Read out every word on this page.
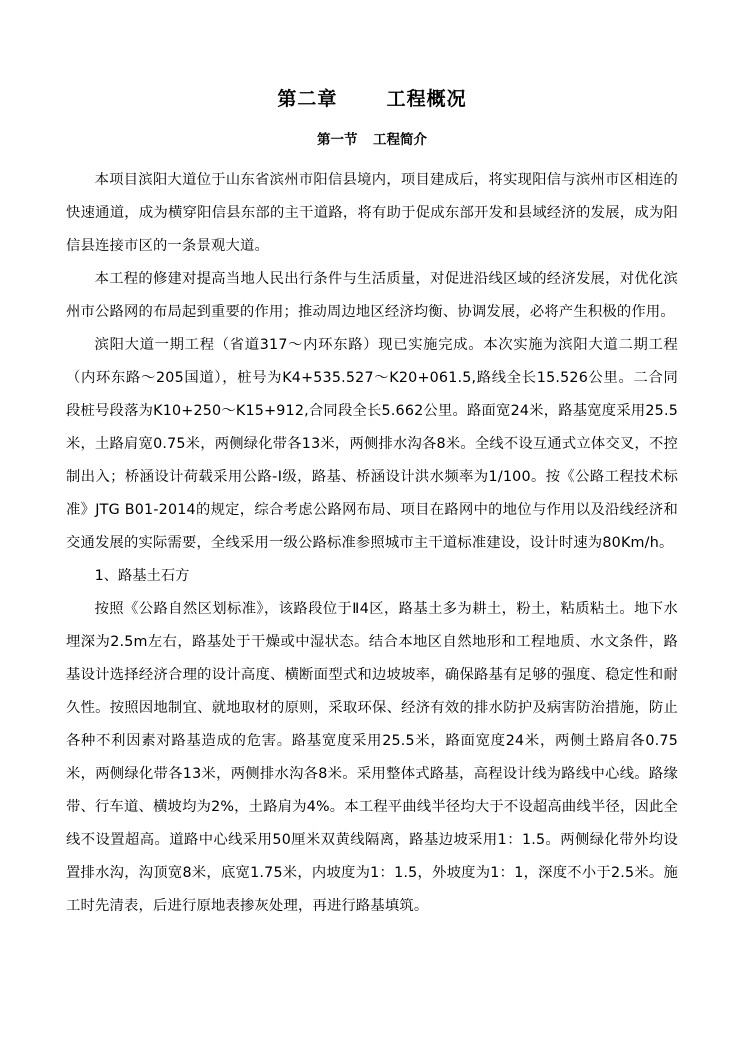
第二章	工程概况
第一节 工程简介

本项目滨阳大道位于山东省滨州市阳信县境内，项目建成后，将实现阳信与滨州市区相连的快速通道，成为横穿阳信县东部的主干道路，将有助于促成东部开发和县域经济的发展，成为阳信县连接市区的一条景观大道。

本工程的修建对提高当地人民出行条件与生活质量，对促进沿线区域的经济发展，对优化滨州市公路网的布局起到重要的作用；推动周边地区经济均衡、协调发展，必将产生积极的作用。

滨阳大道一期工程（省道317～内环东路）现已实施完成。本次实施为滨阳大道二期工程（内环东路～205国道），桩号为K4+535.527～K20+061.5,路线全长15.526公里。二合同段桩号段落为K10+250～K15+912,合同段全长5.662公里。路面宽24米，路基宽度采用25.5米，土路肩宽0.75米，两侧绿化带各13米，两侧排水沟各8米。全线不设互通式立体交叉，不控制出入；桥涵设计荷载采用公路-Ⅰ级，路基、桥涵设计洪水频率为1/100。按《公路工程技术标准》JTG B01-2014的规定，综合考虑公路网布局、项目在路网中的地位与作用以及沿线经济和交通发展的实际需要，全线采用一级公路标准参照城市主干道标准建设，设计时速为80Km/h。

1、路基土石方

按照《公路自然区划标准》，该路段位于Ⅱ4区，路基土多为耕土，粉土，粘质粘土。地下水埋深为2.5m左右，路基处于干燥或中湿状态。结合本地区自然地形和工程地质、水文条件，路基设计选择经济合理的设计高度、横断面型式和边坡坡率，确保路基有足够的强度、稳定性和耐久性。按照因地制宜、就地取材的原则，采取环保、经济有效的排水防护及病害防治措施，防止各种不利因素对路基造成的危害。路基宽度采用25.5米，路面宽度24米，两侧土路肩各0.75米，两侧绿化带各13米，两侧排水沟各8米。采用整体式路基，高程设计线为路线中心线。路缘带、行车道、横坡均为2%，土路肩为4%。本工程平曲线半径均大于不设超高曲线半径，因此全线不设置超高。道路中心线采用50厘米双黄线隔离，路基边坡采用1：1.5。两侧绿化带外均设置排水沟，沟顶宽8米，底宽1.75米，内坡度为1：1.5，外坡度为1：1，深度不小于2.5米。施工时先清表，后进行原地表掺灰处理，再进行路基填筑。
